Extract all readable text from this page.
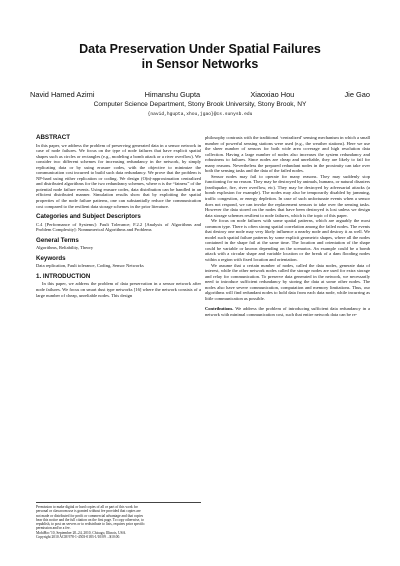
Data Preservation Under Spatial Failures
in Sensor Networks
Navid Hamed Azimi	Himanshu Gupta	Xiaoxiao Hou	Jie Gao
Computer Science Department, Stony Brook University, Stony Brook, NY
{navid,hgupta,xhou,jgao}@cs.sunysb.edu
ABSTRACT

In this paper, we address the problem of preserving generated data in a sensor network in case of node failures. We focus on the type of node failures that have explicit spatial shapes such as circles or rectangles (e.g., modeling a bomb attack or a river overflow). We consider two different schemes for increasing redundancy in the network, by simply replicating data or by using erasure codes, with the objective to minimize the communication cost incurred to build such data redundancy. We prove that the problem is NP-hard using either replication or coding. We design (O(n)-approximation centralized and distributed algorithms for the two redundancy schemes, where n is the “fatness” of the potential node failure events. Using erasure codes, data distribution can be handled in an efficient distributed manner. Simulation results show that by exploiting the spatial properties of the node failure patterns, one can substantially reduce the communication cost compared to the resilient data storage schemes in the prior literature.

Categories and Subject Descriptors

C.4 [Performance of Systems]: Fault Tolerance; F.2.2 [Analysis of Algorithms and Problem Complexity]: Nonnumerical Algorithms and Problems

General Terms

Algorithms, Reliability, Theory

Keywords

Data replication, Fault tolerance, Coding, Sensor Networks

1. INTRODUCTION

In this paper, we address the problem of data preservation in a sensor network after node failures. We focus on smart dust type networks [16] where the network consists of a large number of cheap, unreliable nodes. This design

Permission to make digital or hard copies of all or part of this work for
personal or classroom use is granted without fee provided that copies are
not made or distributed for profit or commercial advantage and that copies
bear this notice and the full citation on the first page. To copy otherwise, to
republish, to post on servers or to redistribute to lists, requires prior specific
permission and/or a fee.
MobiHoc’10, September 20–24, 2010, Chicago, Illinois, USA.
Copyright 2010 ACM 978-1-4503-0183-1/10/09 ...$10.00.

philosophy contrasts with the traditional ‘centralized’ sensing mechanism in which a small number of powerful sensing stations were used (e.g., the weather stations). Here we use the sheer number of sensors for both wide area coverage and high resolution data collection. Having a large number of nodes also increases the system redundancy and robustness to failures. Since nodes are cheap and unreliable, they are likely to fail for many reasons. Nevertheless the prepared redundant nodes in the proximity can take over both the sensing tasks and the data of the failed nodes.

Sensor nodes may fail to operate for many reasons. They may suddenly stop functioning for no reason. They may be destroyed by animals, humans, or natural disasters (earthquake, fire, river overflow, etc). They may be destroyed by adversarial attacks (a bomb explosion for example). The nodes may also be temporarily disabled by jamming, traffic congestion, or energy depletion. In case of such unfortunate events when a sensor does not respond, we can invoke the replacement sensors to take over the sensing tasks. However the data stored on the nodes that have been destroyed is lost unless we design data storage schemes resilient to node failures, which is the topic of this paper.

We focus on node failures with some spatial patterns, which are arguably the most common type. There is often strong spatial correlation among the failed nodes. The events that destroy one node may very likely influence a nearby node and destroy it as well. We model such spatial failure patterns by some explicit geometric shapes, where all the nodes contained in the shape fail at the same time. The location and orientation of the shape could be variable or known depending on the scenarios. An example could be a bomb attack with a circular shape and variable location or the break of a dam flooding nodes within a region with fixed location and orientation.

We assume that a certain number of nodes, called the data nodes, generate data of interest, while the other network nodes called the storage nodes are used for extra storage and relay for communication. To preserve data generated in the network, we necessarily need to introduce sufficient redundancy by storing the data at some other nodes. The nodes also have severe communication, computation and memory limitations. Thus, our algorithms will find redundant nodes to hold data from each data node, while incurring as little communication as possible.

Contributions. We address the problem of introducing sufficient data redundancy in a network with minimal communication cost, such that entire network data can be re-
